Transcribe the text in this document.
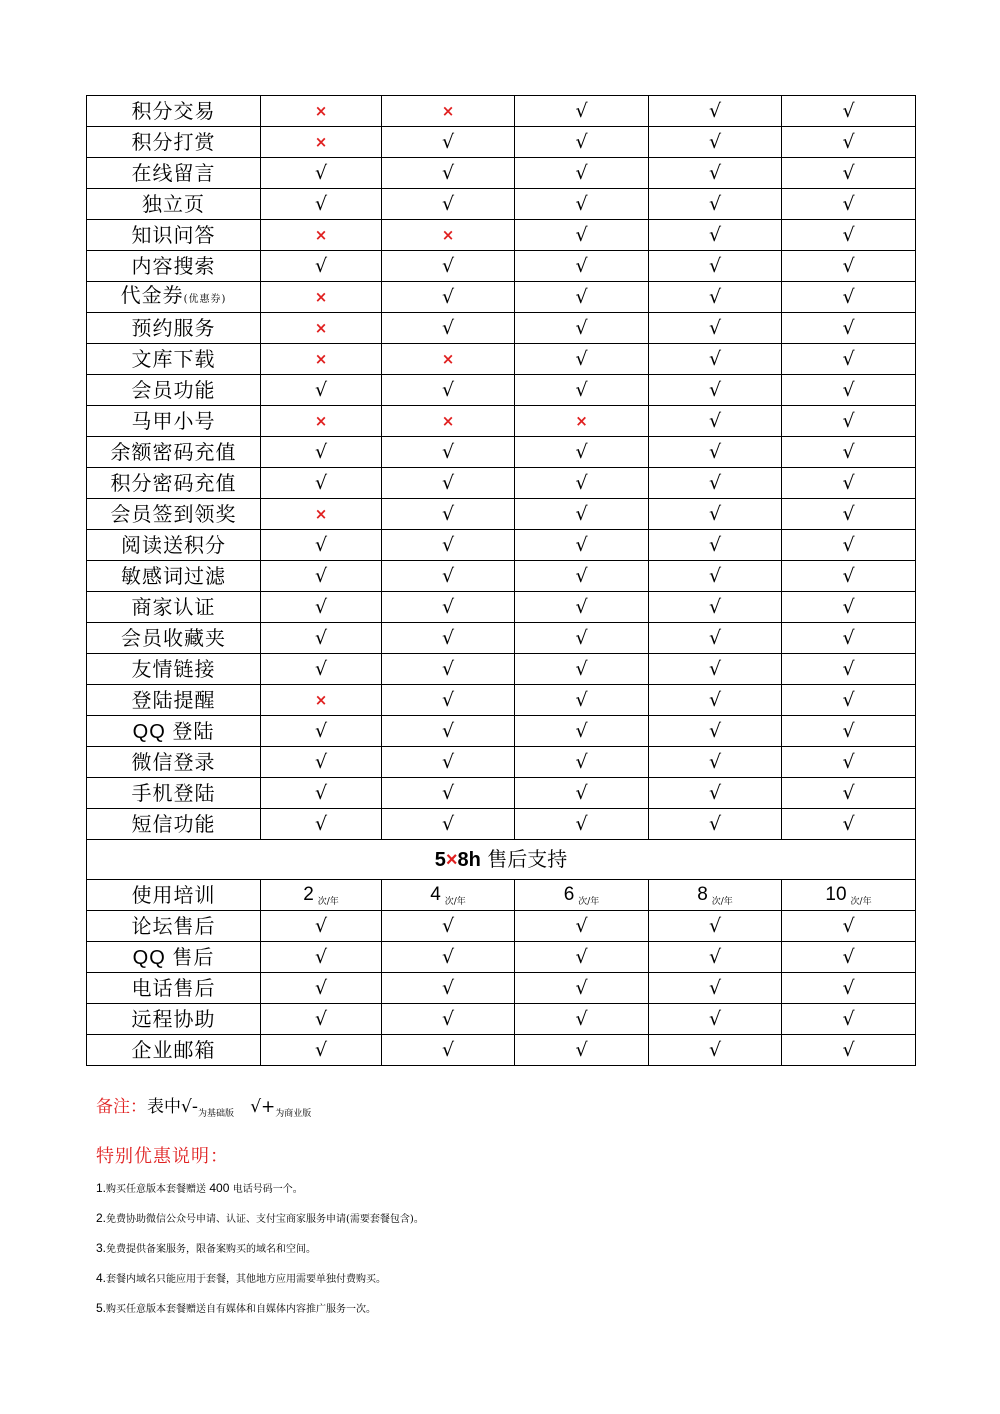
积分交易	×	×	√	√	√
积分打赏	×	√	√	√	√
在线留言	√	√	√	√	√
独立页	√	√	√	√	√
知识问答	×	×	√	√	√
内容搜索	√	√	√	√	√
代金券(优惠券)	×	√	√	√	√
预约服务	×	√	√	√	√
文库下载	×	×	√	√	√
会员功能	√	√	√	√	√
马甲小号	×	×	×	√	√
余额密码充值	√	√	√	√	√
积分密码充值	√	√	√	√	√
会员签到领奖	×	√	√	√	√
阅读送积分	√	√	√	√	√
敏感词过滤	√	√	√	√	√
商家认证	√	√	√	√	√
会员收藏夹	√	√	√	√	√
友情链接	√	√	√	√	√
登陆提醒	×	√	√	√	√
QQ 登陆	√	√	√	√	√
微信登录	√	√	√	√	√
手机登陆	√	√	√	√	√
短信功能	√	√	√	√	√
5×8h 售后支持					
使用培训	2 $_{次/年}$	4 $_{次/年}$	6 $_{次/年}$	8 $_{次/年}$	10 $_{次/年}$
论坛售后	√	√	√	√	√
QQ 售后	√	√	√	√	√
电话售后	√	√	√	√	√
远程协助	√	√	√	√	√
企业邮箱	√	√	√	√	√
备注：表中$√-_{为基础版}$ $√+_{为商业版}$
特别优惠说明：
1.购买任意版本套餐赠送 400 电话号码一个。
2.免费协助微信公众号申请、认证、支付宝商家服务申请(需要套餐包含)。
3.免费提供备案服务，限备案购买的域名和空间。
4.套餐内域名只能应用于套餐，其他地方应用需要单独付费购买。
5.购买任意版本套餐赠送自有媒体和自媒体内容推广服务一次。
